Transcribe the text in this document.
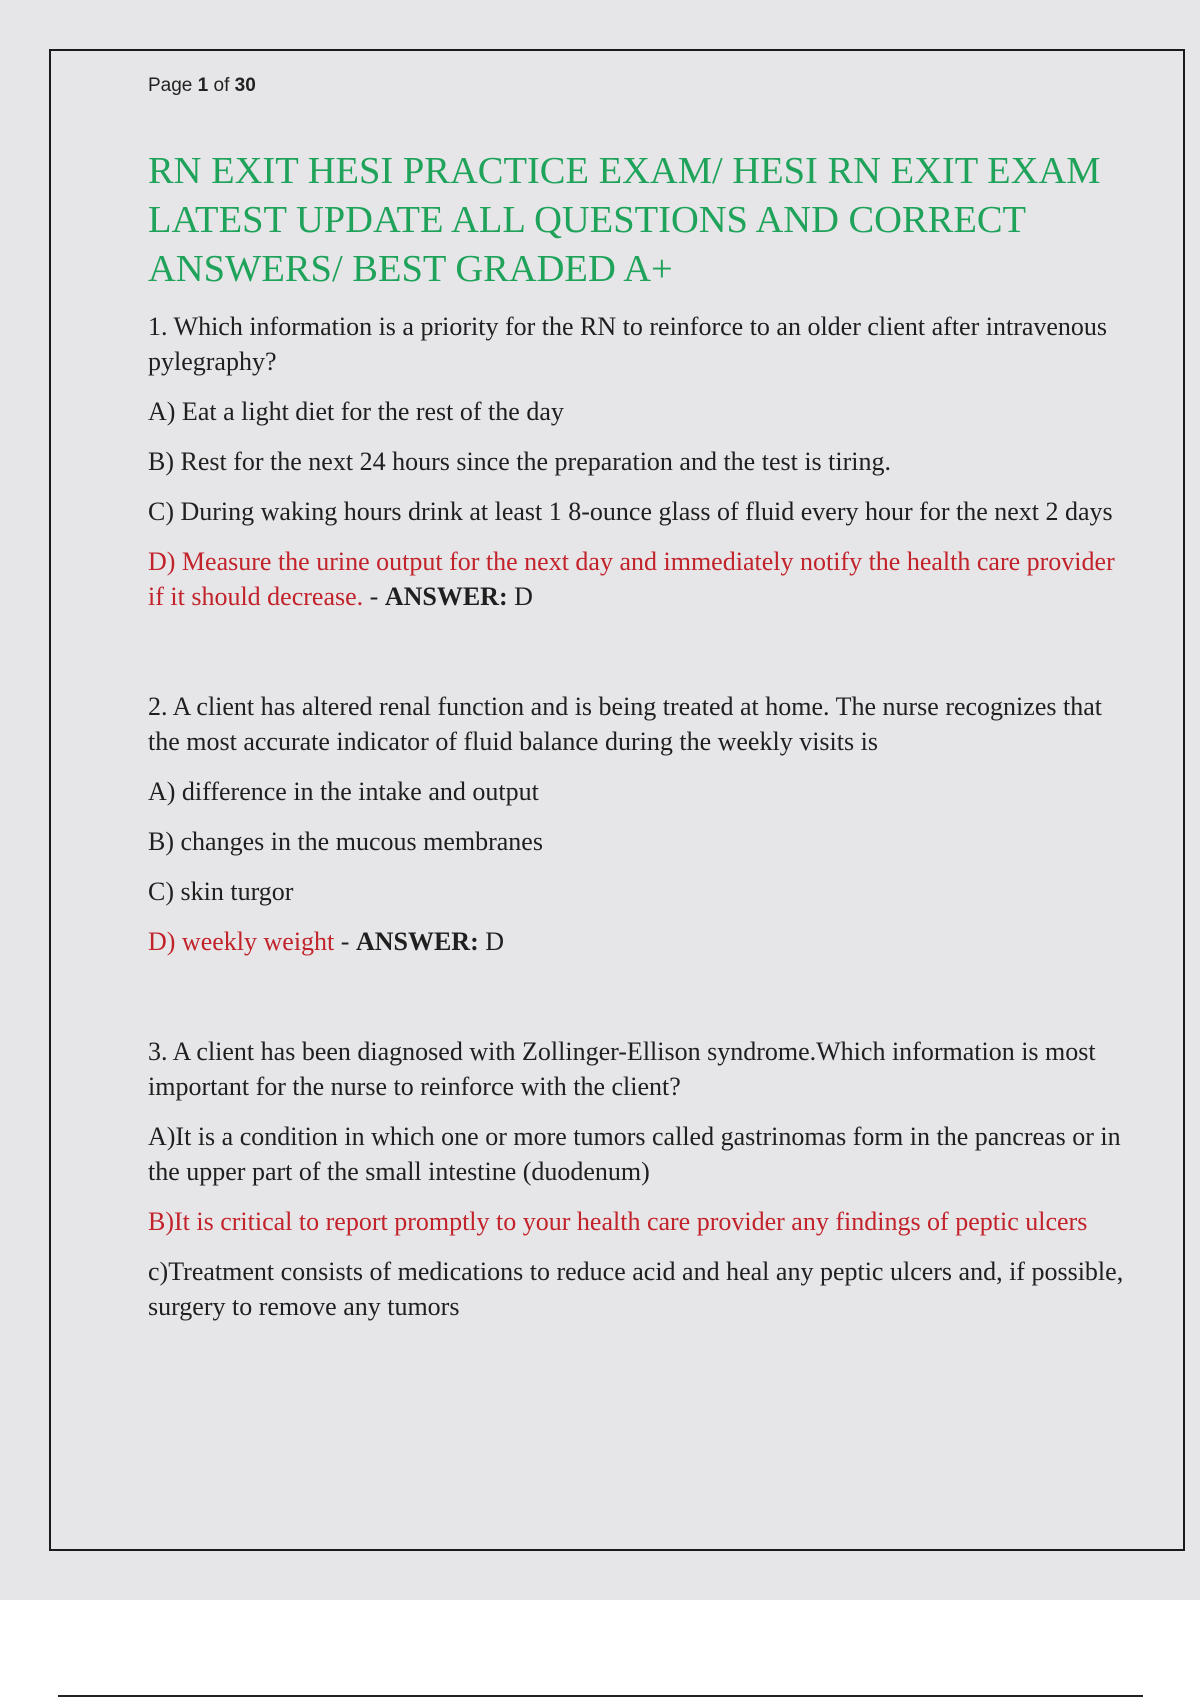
Page 1 of 30
RN EXIT HESI PRACTICE EXAM/ HESI RN EXIT EXAM LATEST UPDATE ALL QUESTIONS AND CORRECT ANSWERS/ BEST GRADED A+

1. Which information is a priority for the RN to reinforce to an older client after intravenous pylegraphy?

A) Eat a light diet for the rest of the day

B) Rest for the next 24 hours since the preparation and the test is tiring.

C) During waking hours drink at least 1 8-ounce glass of fluid every hour for the next 2 days

D) Measure the urine output for the next day and immediately notify the health care provider if it should decrease. - ANSWER: D

2. A client has altered renal function and is being treated at home. The nurse recognizes that the most accurate indicator of fluid balance during the weekly visits is

A) difference in the intake and output

B) changes in the mucous membranes

C) skin turgor

D) weekly weight - ANSWER: D

3. A client has been diagnosed with Zollinger-Ellison syndrome.Which information is most important for the nurse to reinforce with the client?

A)It is a condition in which one or more tumors called gastrinomas form in the pancreas or in the upper part of the small intestine (duodenum)

B)It is critical to report promptly to your health care provider any findings of peptic ulcers

c)Treatment consists of medications to reduce acid and heal any peptic ulcers and, if possible, surgery to remove any tumors
